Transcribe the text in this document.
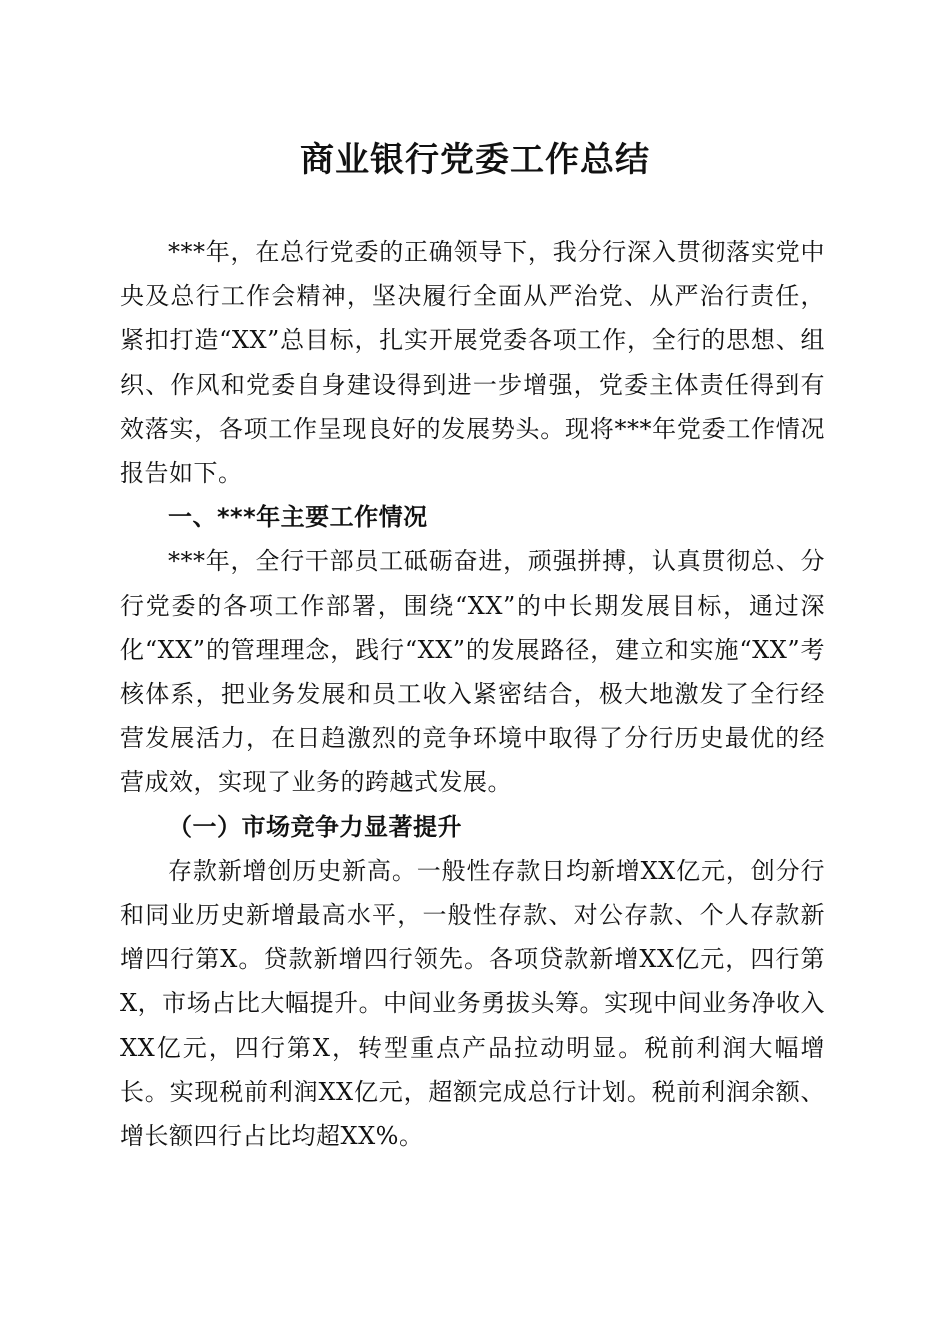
商业银行党委工作总结

***年，在总行党委的正确领导下，我分行深入贯彻落实党中央及总行工作会精神，坚决履行全面从严治党、从严治行责任，紧扣打造“XX”总目标，扎实开展党委各项工作，全行的思想、组织、作风和党委自身建设得到进一步增强，党委主体责任得到有效落实，各项工作呈现良好的发展势头。现将***年党委工作情况报告如下。

一、***年主要工作情况

***年，全行干部员工砥砺奋进，顽强拼搏，认真贯彻总、分行党委的各项工作部署，围绕“XX”的中长期发展目标，通过深化“XX”的管理理念，践行“XX”的发展路径，建立和实施“XX”考核体系，把业务发展和员工收入紧密结合，极大地激发了全行经营发展活力，在日趋激烈的竞争环境中取得了分行历史最优的经营成效，实现了业务的跨越式发展。

（一）市场竞争力显著提升

存款新增创历史新高。一般性存款日均新增XX亿元，创分行和同业历史新增最高水平，一般性存款、对公存款、个人存款新增四行第X。贷款新增四行领先。各项贷款新增XX亿元，四行第X，市场占比大幅提升。中间业务勇拔头筹。实现中间业务净收入XX亿元，四行第X，转型重点产品拉动明显。税前利润大幅增长。实现税前利润XX亿元，超额完成总行计划。税前利润余额、增长额四行占比均超XX%。
